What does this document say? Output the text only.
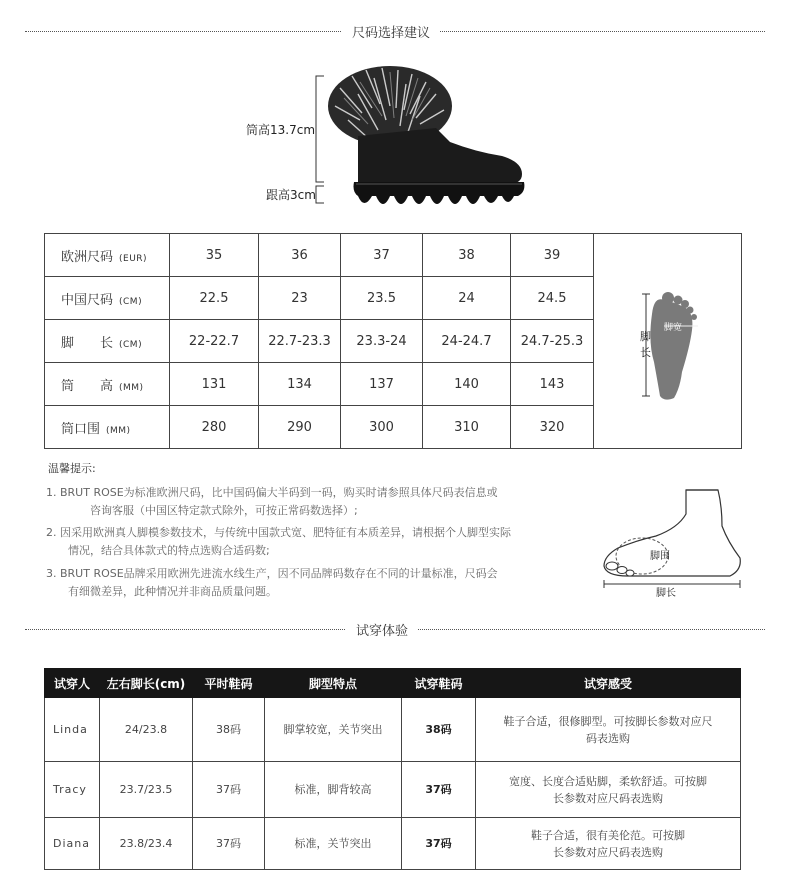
尺码选择建议
筒高13.7cm
跟高3cm
欧洲尺码 (EUR)	35	36	37	38	39	脚
长
脚宽

中国尺码 (CM)	22.5	23	23.5	24	24.5	
脚　　长 (CM)	22-22.7	22.7-23.3	23.3-24	24-24.7	24.7-25.3	
筒　　高 (MM)	131	134	137	140	143	
筒口围 (MM)	280	290	300	310	320	
温馨提示:
1. BRUT ROSE为标准欧洲尺码，比中国码偏大半码到一码，购买时请参照具体尺码表信息或
咨询客服（中国区特定款式除外，可按正常码数选择）;
2. 因采用欧洲真人脚模参数技术，与传统中国款式宽、肥特征有本质差异，请根据个人脚型实际
情况，结合具体款式的特点选购合适码数;
3. BRUT ROSE品牌采用欧洲先进流水线生产，因不同品牌码数存在不同的计量标准，尺码会
有细微差异，此种情况并非商品质量问题。
脚围
脚长
试穿体验
试穿人	左右脚长(cm)	平时鞋码	脚型特点	试穿鞋码	试穿感受
Linda	24/23.8	38码	脚掌较宽，关节突出	38码	鞋子合适，很修脚型。可按脚长参数对应尺
码表选购

Tracy	23.7/23.5	37码	标准，脚背较高	37码	宽度、长度合适贴脚，柔软舒适。可按脚
长参数对应尺码表选购

Diana	23.8/23.4	37码	标准，关节突出	37码	鞋子合适，很有美伦范。可按脚
长参数对应尺码表选购
